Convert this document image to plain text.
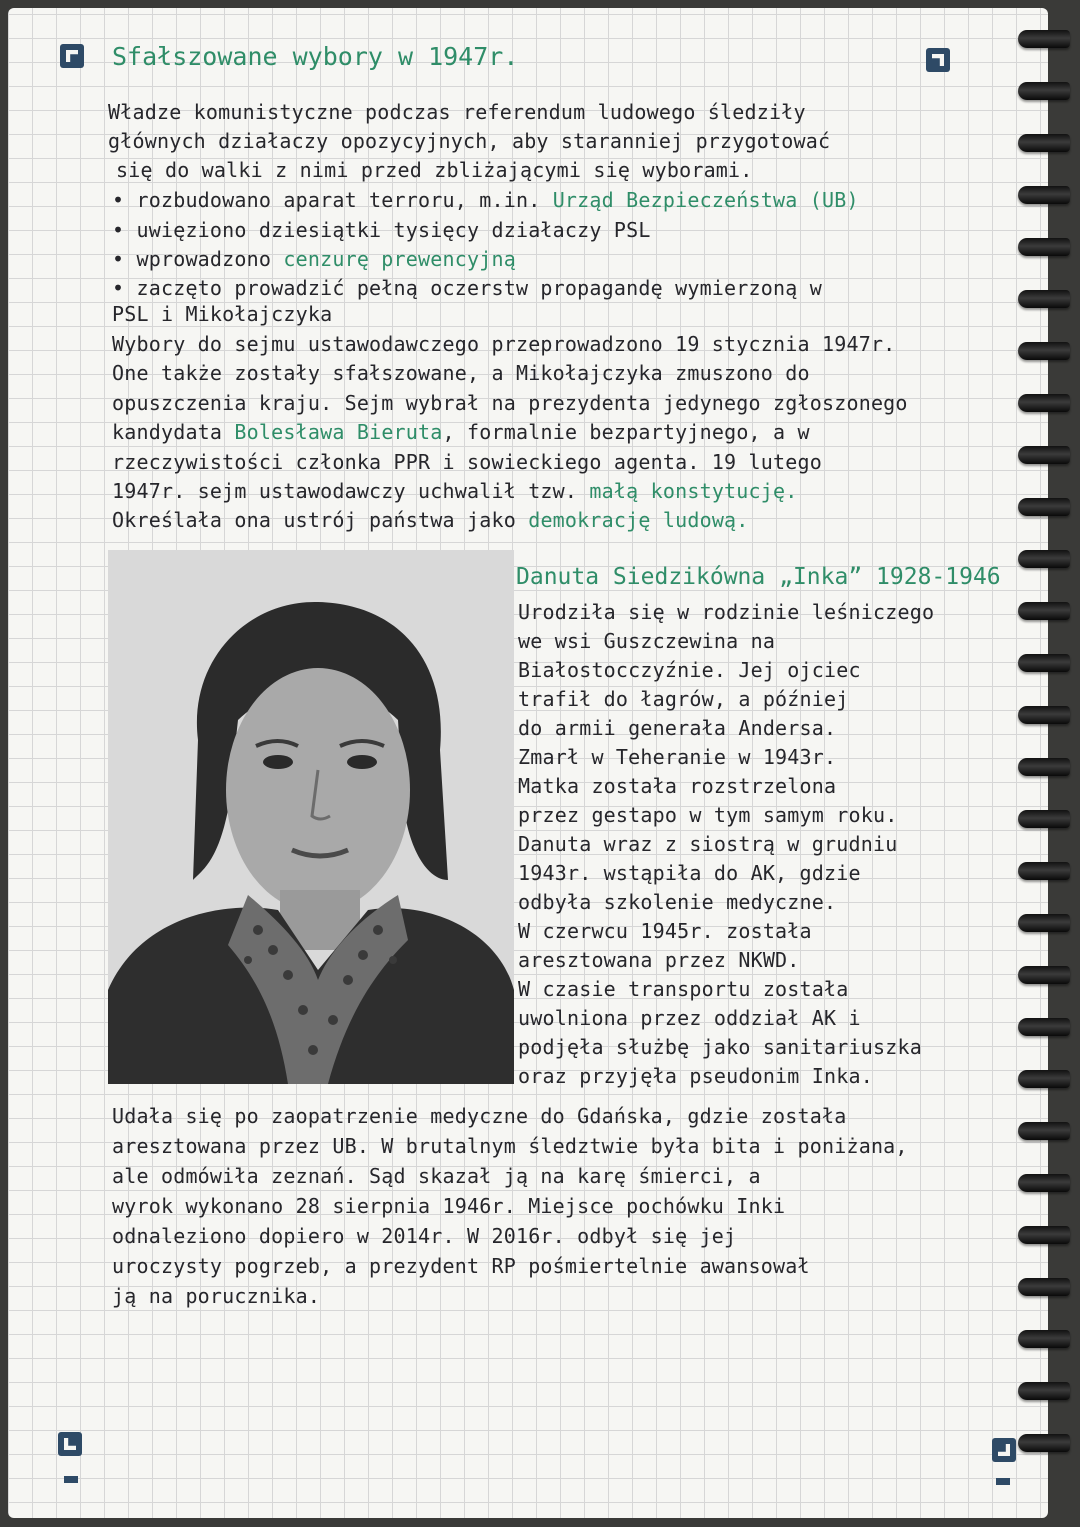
Sfałszowane wybory w 1947r.
Władze komunistyczne podczas referendum ludowego śledziły
głównych działaczy opozycyjnych, aby staranniej przygotować
się do walki z nimi przed zbliżającymi się wyborami.
• rozbudowano aparat terroru, m.in. Urząd Bezpieczeństwa (UB)
• uwięziono dziesiątki tysięcy działaczy PSL
• wprowadzono cenzurę prewencyjną
• zaczęto prowadzić pełną oczerstw propagandę wymierzoną w
PSL i Mikołajczyka
Wybory do sejmu ustawodawczego przeprowadzono 19 stycznia 1947r.
One także zostały sfałszowane, a Mikołajczyka zmuszono do
opuszczenia kraju. Sejm wybrał na prezydenta jedynego zgłoszonego
kandydata Bolesława Bieruta, formalnie bezpartyjnego, a w
rzeczywistości członka PPR i sowieckiego agenta. 19 lutego
1947r. sejm ustawodawczy uchwalił tzw. małą konstytucję.
Określała ona ustrój państwa jako demokrację ludową.
Danuta Siedzikówna „Inka” 1928-1946
Urodziła się w rodzinie leśniczego
we wsi Guszczewina na
Białostocczyźnie. Jej ojciec
trafił do łagrów, a później
do armii generała Andersa.
Zmarł w Teheranie w 1943r.
Matka została rozstrzelona
przez gestapo w tym samym roku.
Danuta wraz z siostrą w grudniu
1943r. wstąpiła do AK, gdzie
odbyła szkolenie medyczne.
W czerwcu 1945r. została
aresztowana przez NKWD.
W czasie transportu została
uwolniona przez oddział AK i
podjęła służbę jako sanitariuszka
oraz przyjęła pseudonim Inka.
Udała się po zaopatrzenie medyczne do Gdańska, gdzie została
aresztowana przez UB. W brutalnym śledztwie była bita i poniżana,
ale odmówiła zeznań. Sąd skazał ją na karę śmierci, a
wyrok wykonano 28 sierpnia 1946r. Miejsce pochówku Inki
odnaleziono dopiero w 2014r. W 2016r. odbył się jej
uroczysty pogrzeb, a prezydent RP pośmiertelnie awansował
ją na porucznika.
